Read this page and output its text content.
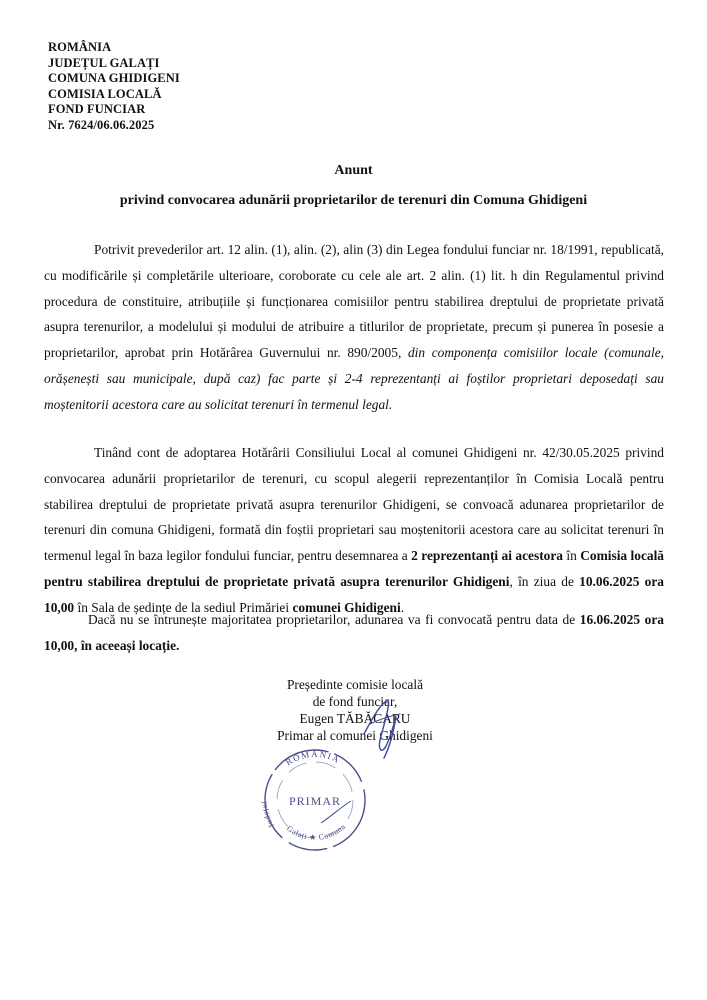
ROMÂNIA
JUDEȚUL GALAȚI
COMUNA GHIDIGENI
COMISIA LOCALĂ
FOND FUNCIAR
Nr. 7624/06.06.2025
Anunt
privind convocarea adunării proprietarilor de terenuri din Comuna Ghidigeni
Potrivit prevederilor art. 12 alin. (1), alin. (2), alin (3) din Legea fondului funciar nr. 18/1991, republicată, cu modificările și completările ulterioare, coroborate cu cele ale art. 2 alin. (1) lit. h din Regulamentul privind procedura de constituire, atribuțiile și funcționarea comisiilor pentru stabilirea dreptului de proprietate privată asupra terenurilor, a modelului și modului de atribuire a titlurilor de proprietate, precum și punerea în posesie a proprietarilor, aprobat prin Hotărârea Guvernului nr. 890/2005, din componența comisiilor locale (comunale, orășenești sau municipale, după caz) fac parte și 2-4 reprezentanți ai foștilor proprietari deposedați sau moștenitorii acestora care au solicitat terenuri în termenul legal.
Tinând cont de adoptarea Hotărârii Consiliului Local al comunei Ghidigeni nr. 42/30.05.2025 privind convocarea adunării proprietarilor de terenuri, cu scopul alegerii reprezentanților în Comisia Locală pentru stabilirea dreptului de proprietate privată asupra terenurilor Ghidigeni, se convoacă adunarea proprietarilor de terenuri din comuna Ghidigeni, formată din foștii proprietari sau moștenitorii acestora care au solicitat terenuri în termenul legal în baza legilor fondului funciar, pentru desemnarea a 2 reprezentanți ai acestora în Comisia locală pentru stabilirea dreptului de proprietate privată asupra terenurilor Ghidigeni, în ziua de 10.06.2025 ora 10,00 în Sala de ședințe de la sediul Primăriei comunei Ghidigeni.
Dacă nu se întrunește majoritatea proprietarilor, adunarea va fi convocată pentru data de 16.06.2025 ora 10,00, în aceeași locație.
Președinte comisie locală
de fond funciar,
Eugen TĂBĂCARU
Primar al comunei Ghidigeni
ROMÂNIA
Județul
Galați ★ Comuna
PRIMAR
